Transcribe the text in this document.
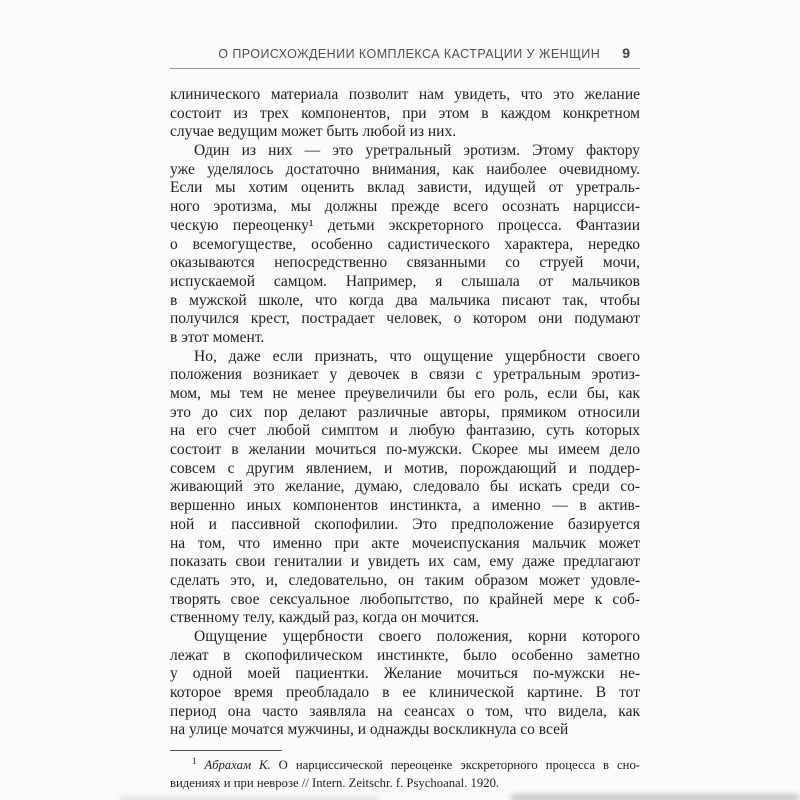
О ПРОИСХОЖДЕНИИ КОМПЛЕКСА КАСТРАЦИИ У ЖЕНЩИН 9
клинического материала позволит нам увидеть, что это желание
состоит из трех компонентов, при этом в каждом конкретном
случае ведущим может быть любой из них.
Один из них — это уретральный эротизм. Этому фактору
уже уделялось достаточно внимания, как наиболее очевидному.
Если мы хотим оценить вклад зависти, идущей от уретраль-
ного эротизма, мы должны прежде всего осознать нарцисси-
ческую переоценку¹ детьми экскреторного процесса. Фантазии
о всемогуществе, особенно садистического характера, нередко
оказываются непосредственно связанными со струей мочи,
испускаемой самцом. Например, я слышала от мальчиков
в мужской школе, что когда два мальчика писают так, чтобы
получился крест, пострадает человек, о котором они подумают
в этот момент.
Но, даже если признать, что ощущение ущербности своего
положения возникает у девочек в связи с уретральным эротиз-
мом, мы тем не менее преувеличили бы его роль, если бы, как
это до сих пор делают различные авторы, прямиком относили
на его счет любой симптом и любую фантазию, суть которых
состоит в желании мочиться по-мужски. Скорее мы имеем дело
совсем с другим явлением, и мотив, порождающий и поддер-
живающий это желание, думаю, следовало бы искать среди со-
вершенно иных компонентов инстинкта, а именно — в актив-
ной и пассивной скопофилии. Это предположение базируется
на том, что именно при акте мочеиспускания мальчик может
показать свои гениталии и увидеть их сам, ему даже предлагают
сделать это, и, следовательно, он таким образом может удовле-
творять свое сексуальное любопытство, по крайней мере к соб-
ственному телу, каждый раз, когда он мочится.
Ощущение ущербности своего положения, корни которого
лежат в скопофилическом инстинкте, было особенно заметно
у одной моей пациентки. Желание мочиться по-мужски не-
которое время преобладало в ее клинической картине. В тот
период она часто заявляла на сеансах о том, что видела, как
на улице мочатся мужчины, и однажды воскликнула со всей
$^1$ Абрахам К. О нарциссической переоценке экскреторного процесса в сно-
видениях и при неврозе // Intern. Zeitschr. f. Psychoanal. 1920.
